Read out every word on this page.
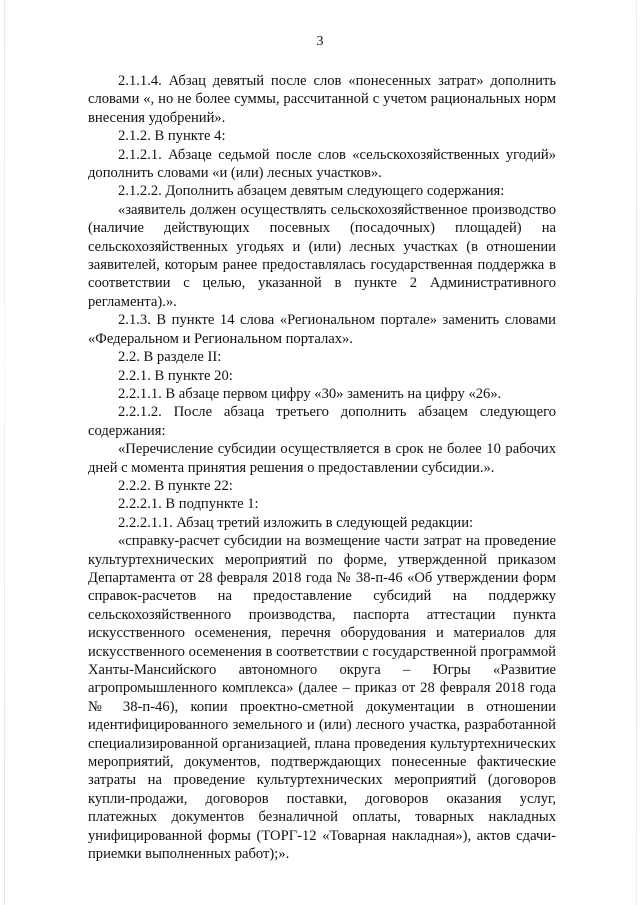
3

2.1.1.4. Абзац девятый после слов «понесенных затрат» дополнить словами «, но не более суммы, рассчитанной с учетом рациональных норм внесения удобрений».

2.1.2. В пункте 4:

2.1.2.1. Абзаце седьмой после слов «сельскохозяйственных угодий» дополнить словами «и (или) лесных участков».

2.1.2.2. Дополнить абзацем девятым следующего содержания:

«заявитель должен осуществлять сельскохозяйственное производство (наличие действующих посевных (посадочных) площадей) на сельскохозяйственных угодьях и (или) лесных участках (в отношении заявителей, которым ранее предоставлялась государственная поддержка в соответствии с целью, указанной в пункте 2 Административного регламента).».

2.1.3. В пункте 14 слова «Региональном портале» заменить словами «Федеральном и Региональном порталах».

2.2. В разделе II:

2.2.1. В пункте 20:

2.2.1.1. В абзаце первом цифру «30» заменить на цифру «26».

2.2.1.2. После абзаца третьего дополнить абзацем следующего содержания:

«Перечисление субсидии осуществляется в срок не более 10 рабочих дней с момента принятия решения о предоставлении субсидии.».

2.2.2. В пункте 22:

2.2.2.1. В подпункте 1:

2.2.2.1.1. Абзац третий изложить в следующей редакции:

«справку-расчет субсидии на возмещение части затрат на проведение культуртехнических мероприятий по форме, утвержденной приказом Департамента от 28 февраля 2018 года № 38-п-46 «Об утверждении форм справок-расчетов на предоставление субсидий на поддержку сельскохозяйственного производства, паспорта аттестации пункта искусственного осеменения, перечня оборудования и материалов для искусственного осеменения в соответствии с государственной программой Ханты-Мансийского автономного округа – Югры «Развитие агропромышленного комплекса» (далее – приказ от 28 февраля 2018 года № 38-п-46), копии проектно-сметной документации в отношении идентифицированного земельного и (или) лесного участка, разработанной специализированной организацией, плана проведения культуртехнических мероприятий, документов, подтверждающих понесенные фактические затраты на проведение культуртехнических мероприятий (договоров купли-продажи, договоров поставки, договоров оказания услуг, платежных документов безналичной оплаты, товарных накладных унифицированной формы (ТОРГ-12 «Товарная накладная»), актов сдачи-приемки выполненных работ);».
